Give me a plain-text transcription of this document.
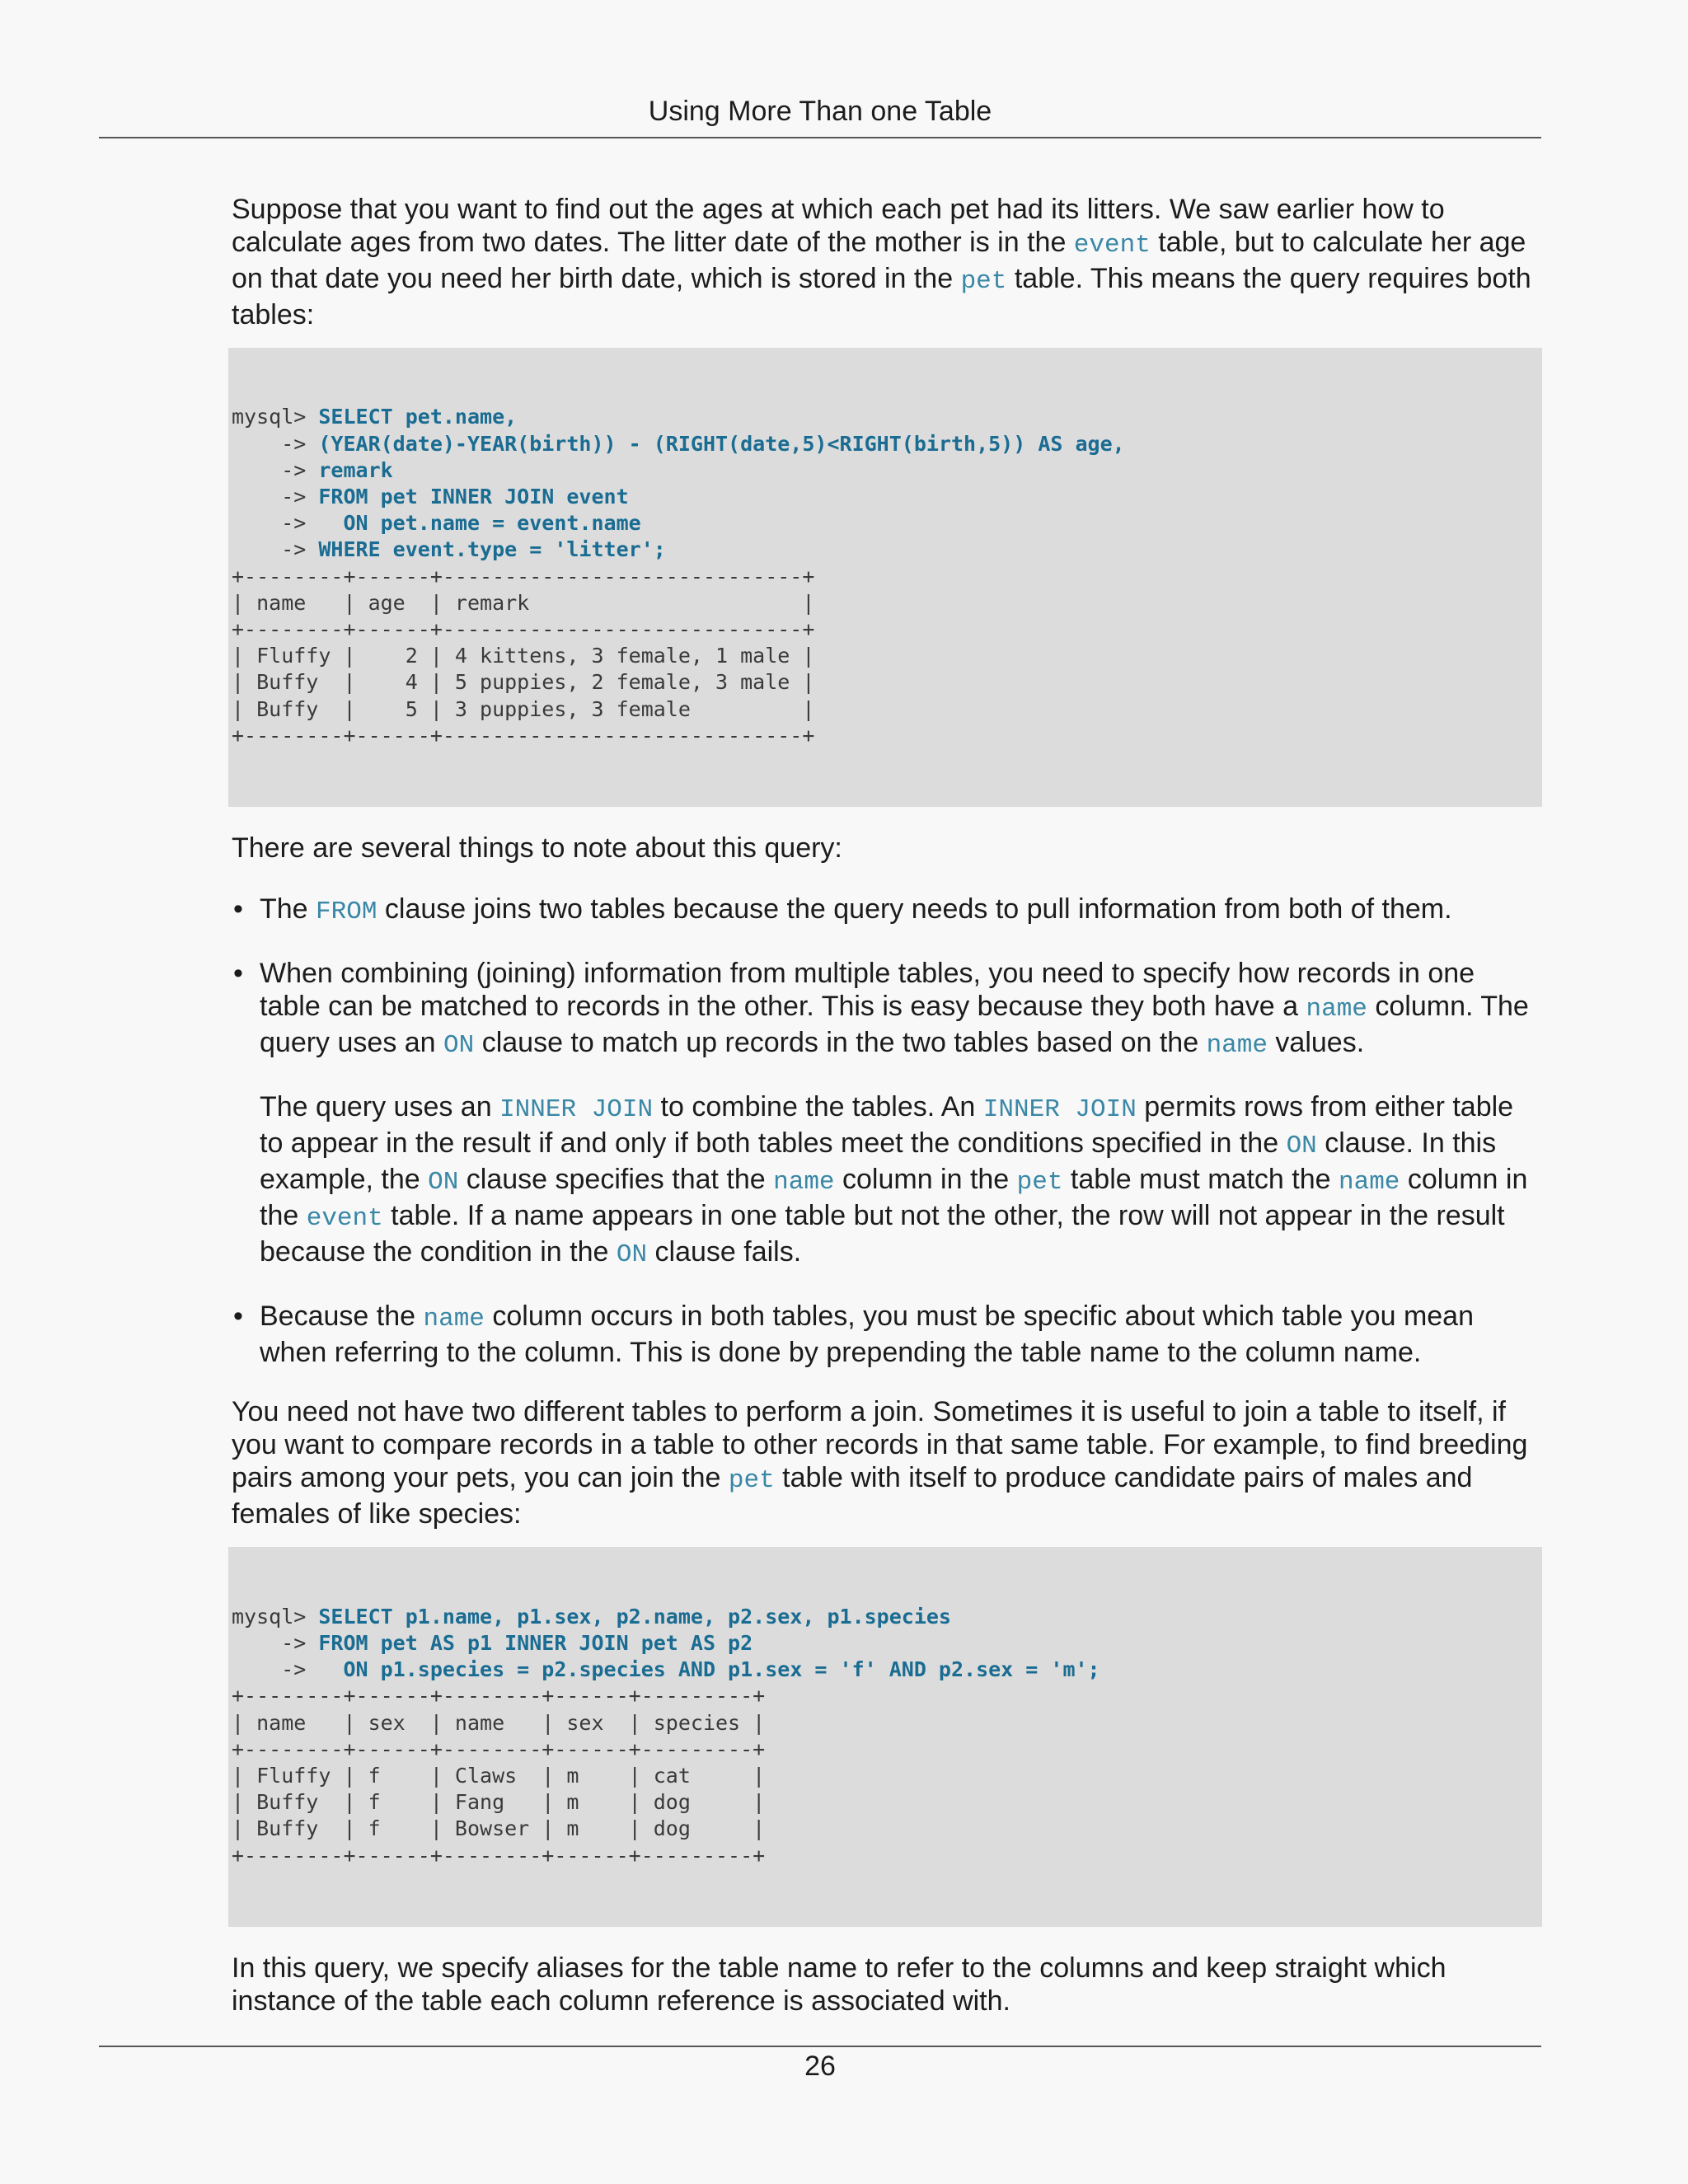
Using More Than one Table

Suppose that you want to find out the ages at which each pet had its litters. We saw earlier how to calculate ages from two dates. The litter date of the mother is in the event table, but to calculate her age on that date you need her birth date, which is stored in the pet table. This means the query requires both tables:

mysql> SELECT pet.name,
-> (YEAR(date)-YEAR(birth)) - (RIGHT(date,5)<RIGHT(birth,5)) AS age,
-> remark
-> FROM pet INNER JOIN event
->   ON pet.name = event.name
-> WHERE event.type = 'litter';
+--------+------+-----------------------------+
| name   | age  | remark                      |
+--------+------+-----------------------------+
| Fluffy |    2 | 4 kittens, 3 female, 1 male |
| Buffy  |    4 | 5 puppies, 2 female, 3 male |
| Buffy  |    5 | 3 puppies, 3 female         |
+--------+------+-----------------------------+

There are several things to note about this query:

• The FROM clause joins two tables because the query needs to pull information from both of them.

• When combining (joining) information from multiple tables, you need to specify how records in one table can be matched to records in the other. This is easy because they both have a name column. The query uses an ON clause to match up records in the two tables based on the name values.

The query uses an INNER JOIN to combine the tables. An INNER JOIN permits rows from either table to appear in the result if and only if both tables meet the conditions specified in the ON clause. In this example, the ON clause specifies that the name column in the pet table must match the name column in the event table. If a name appears in one table but not the other, the row will not appear in the result because the condition in the ON clause fails.

• Because the name column occurs in both tables, you must be specific about which table you mean when referring to the column. This is done by prepending the table name to the column name.

You need not have two different tables to perform a join. Sometimes it is useful to join a table to itself, if you want to compare records in a table to other records in that same table. For example, to find breeding pairs among your pets, you can join the pet table with itself to produce candidate pairs of males and females of like species:

mysql> SELECT p1.name, p1.sex, p2.name, p2.sex, p1.species
-> FROM pet AS p1 INNER JOIN pet AS p2
->   ON p1.species = p2.species AND p1.sex = 'f' AND p2.sex = 'm';
+--------+------+--------+------+---------+
| name   | sex  | name   | sex  | species |
+--------+------+--------+------+---------+
| Fluffy | f    | Claws  | m    | cat     |
| Buffy  | f    | Fang   | m    | dog     |
| Buffy  | f    | Bowser | m    | dog     |
+--------+------+--------+------+---------+

In this query, we specify aliases for the table name to refer to the columns and keep straight which instance of the table each column reference is associated with.

26
